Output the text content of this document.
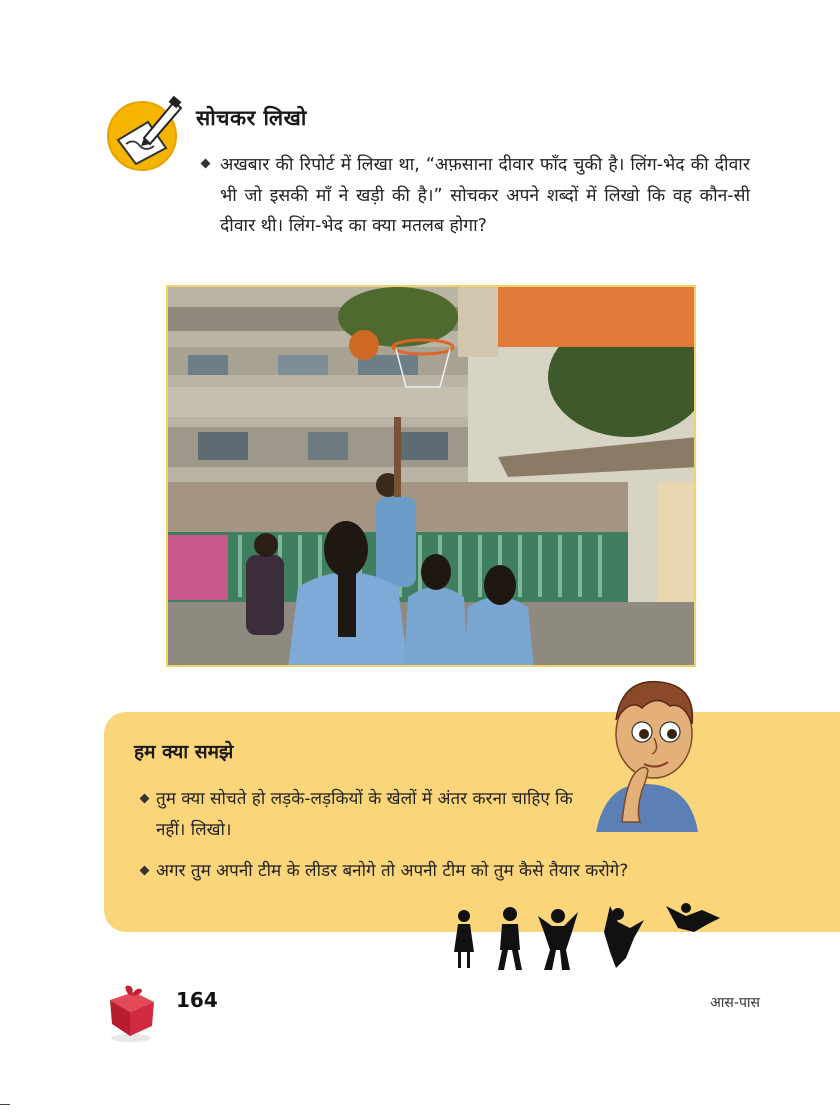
सोचकर लिखो

अखबार की रिपोर्ट में लिखा था, “अफ़साना दीवार फाँद चुकी है। लिंग-भेद की दीवार भी जो इसकी माँ ने खड़ी की है।” सोचकर अपने शब्दों में लिखो कि वह कौन-सी दीवार थी। लिंग-भेद का क्या मतलब होगा?

हम क्या समझे

तुम क्या सोचते हो लड़के-लड़कियों के खेलों में अंतर करना चाहिए कि नहीं। लिखो।

अगर तुम अपनी टीम के लीडर बनोगे तो अपनी टीम को तुम कैसे तैयार करोगे?

164	आस-पास
